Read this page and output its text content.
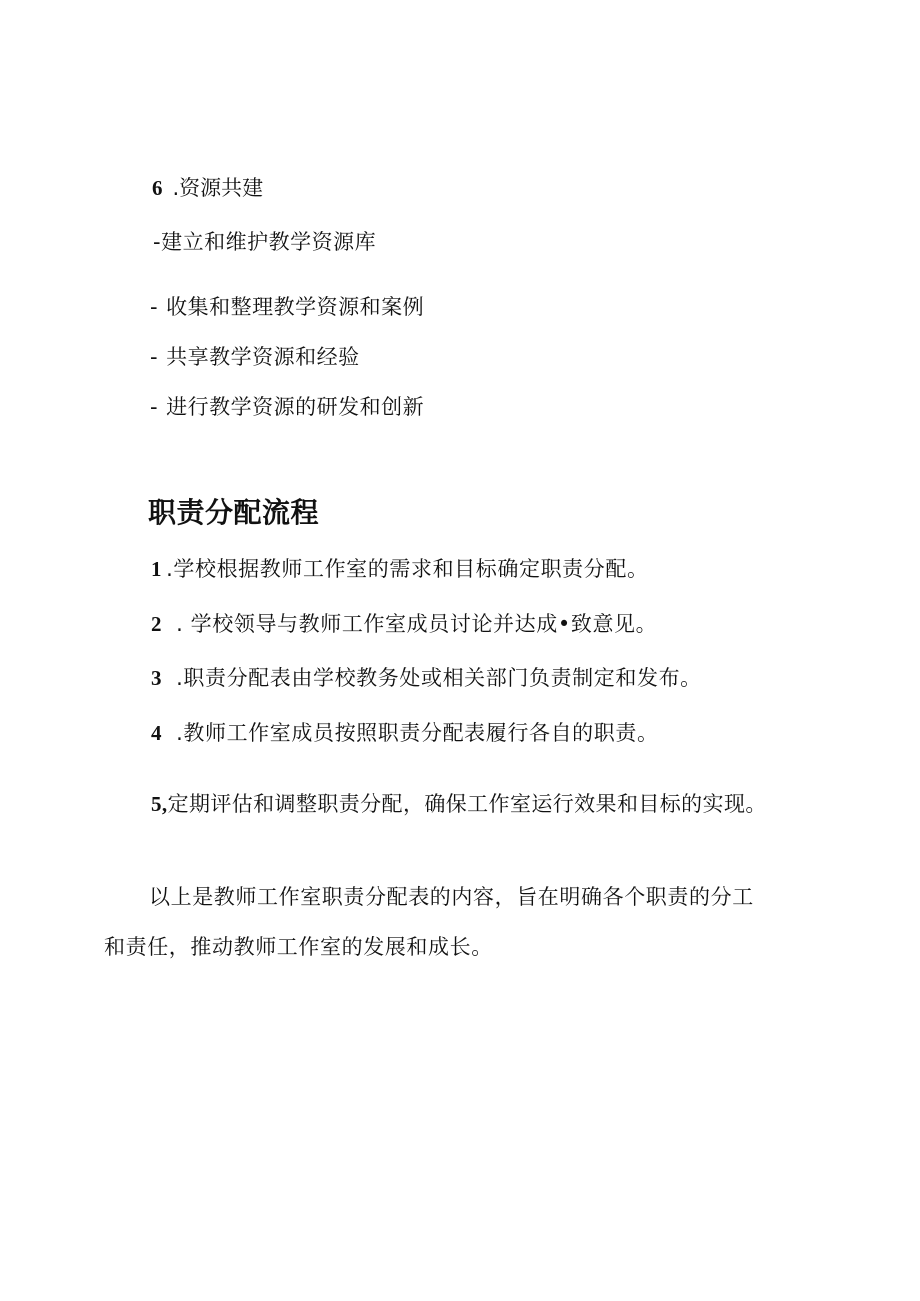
6 .资源共建
-建立和维护教学资源库
- 收集和整理教学资源和案例
- 共享教学资源和经验
- 进行教学资源的研发和创新
职责分配流程
1 .学校根据教师工作室的需求和目标确定职责分配。
2 . 学校领导与教师工作室成员讨论并达成•致意见。
3 .职责分配表由学校教务处或相关部门负责制定和发布。
4 .教师工作室成员按照职责分配表履行各自的职责。
5,定期评估和调整职责分配，确保工作室运行效果和目标的实现。
以上是教师工作室职责分配表的内容，旨在明确各个职责的分工
和责任，推动教师工作室的发展和成长。
